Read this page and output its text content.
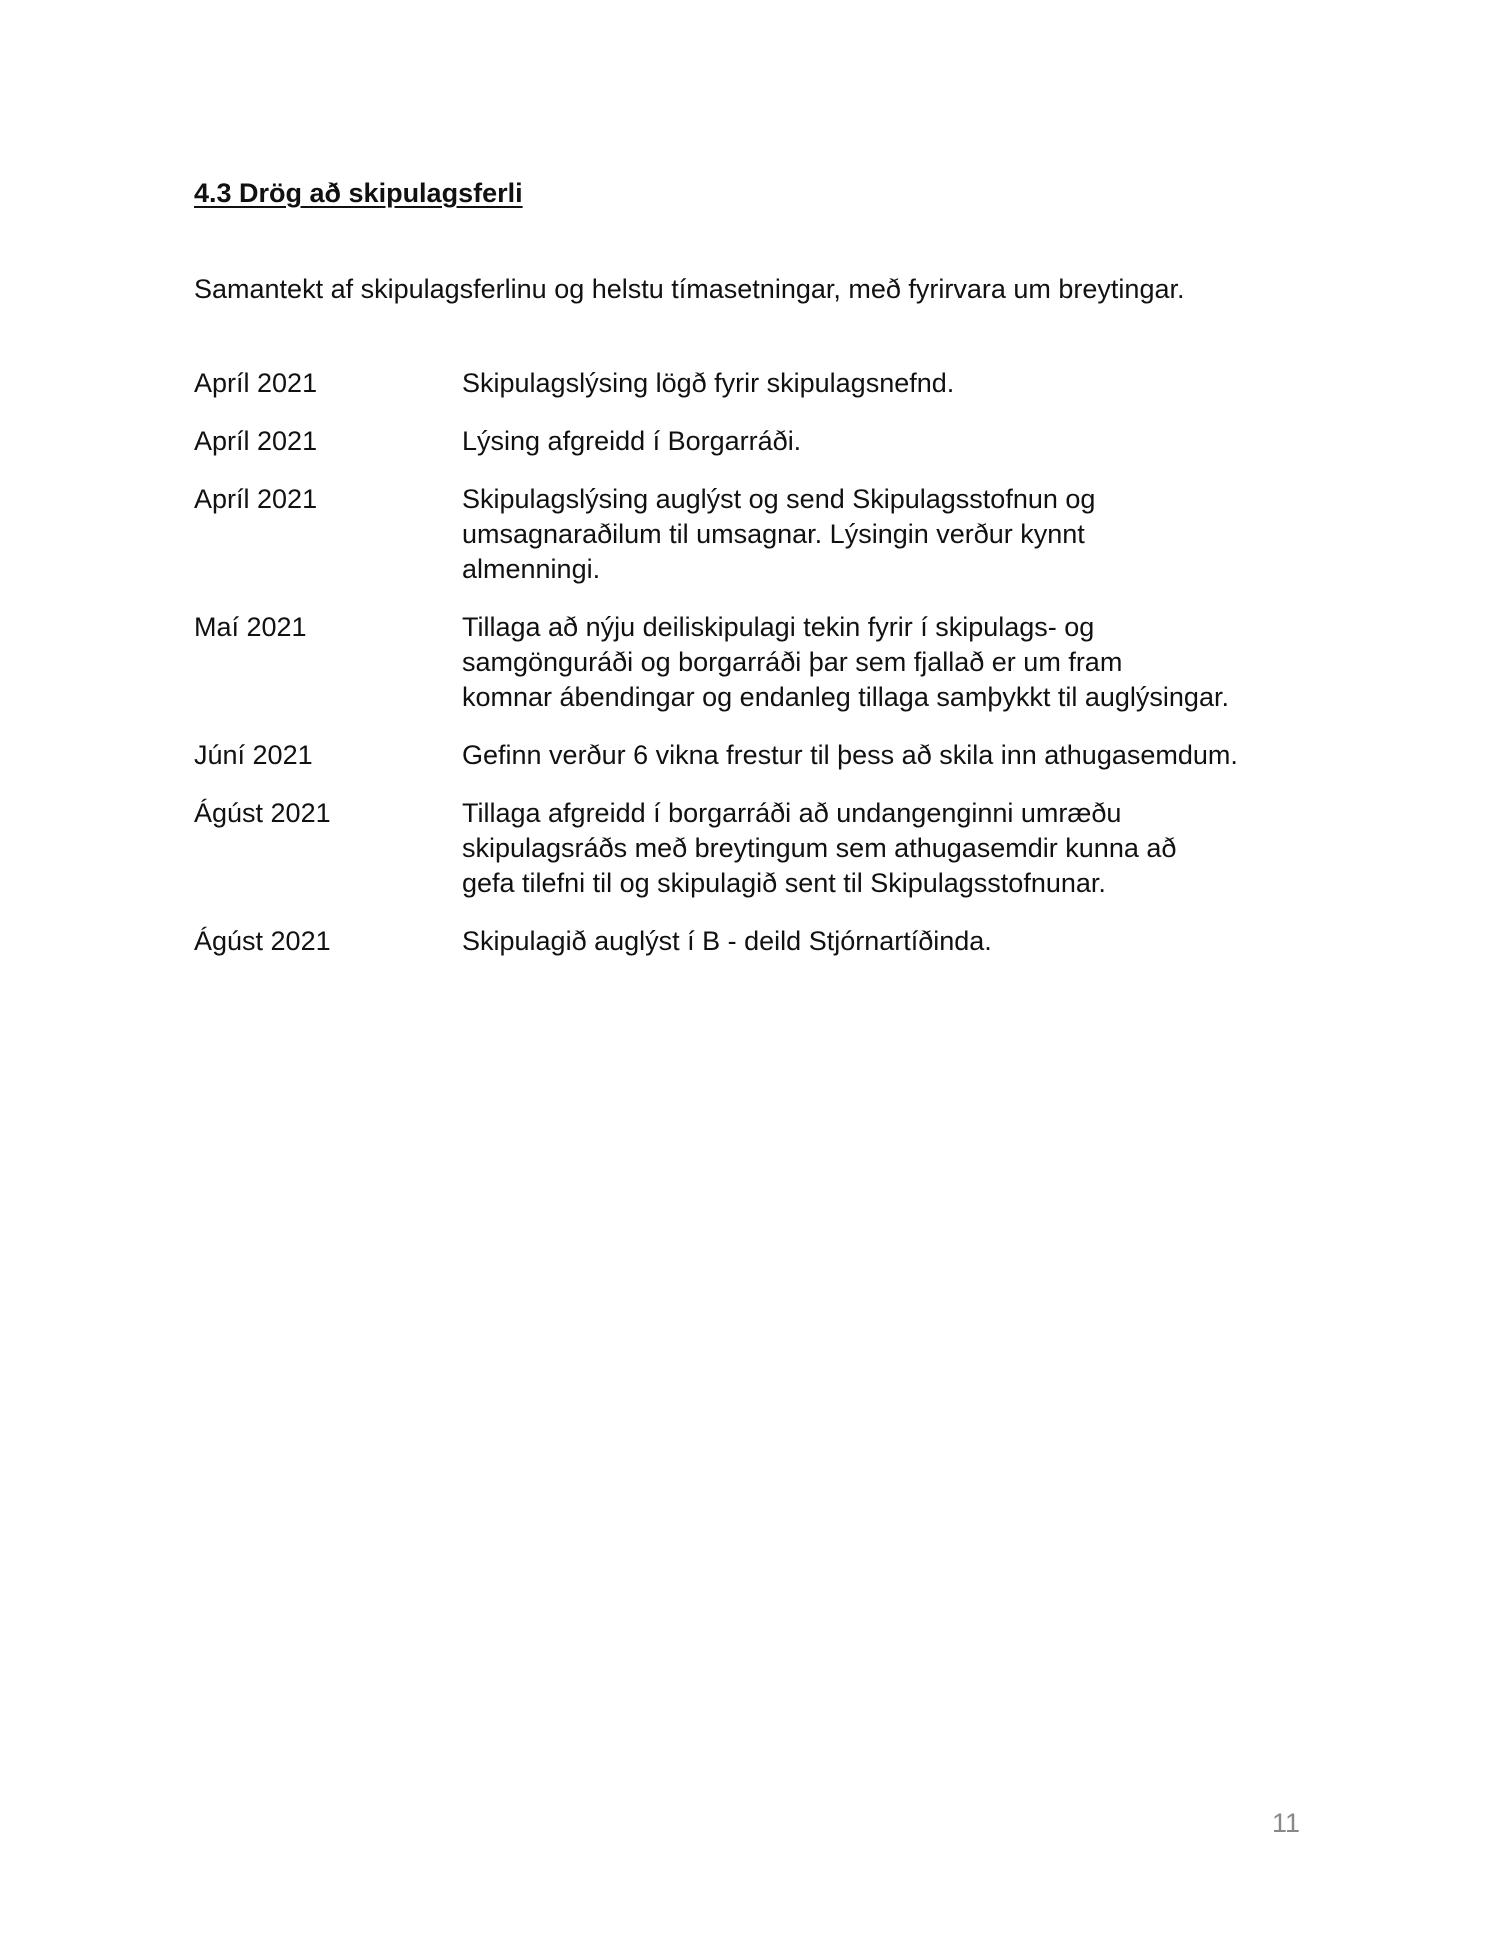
4.3 Drög að skipulagsferli

Samantekt af skipulagsferlinu og helstu tímasetningar, með fyrirvara um breytingar.

Apríl 2021	Skipulagslýsing lögð fyrir skipulagsnefnd.
Apríl 2021	Lýsing afgreidd í Borgarráði.
Apríl 2021	Skipulagslýsing auglýst og send Skipulagsstofnun og
umsagnaraðilum til umsagnar. Lýsingin verður kynnt
almenningi.
Maí 2021	Tillaga að nýju deiliskipulagi tekin fyrir í skipulags- og
samgönguráði og borgarráði þar sem fjallað er um fram
komnar ábendingar og endanleg tillaga samþykkt til auglýsingar.
Júní 2021	Gefinn verður 6 vikna frestur til þess að skila inn athugasemdum.
Ágúst 2021	Tillaga afgreidd í borgarráði að undangenginni umræðu
skipulagsráðs með breytingum sem athugasemdir kunna að
gefa tilefni til og skipulagið sent til Skipulagsstofnunar.
Ágúst 2021	Skipulagið auglýst í B - deild Stjórnartíðinda.
11
